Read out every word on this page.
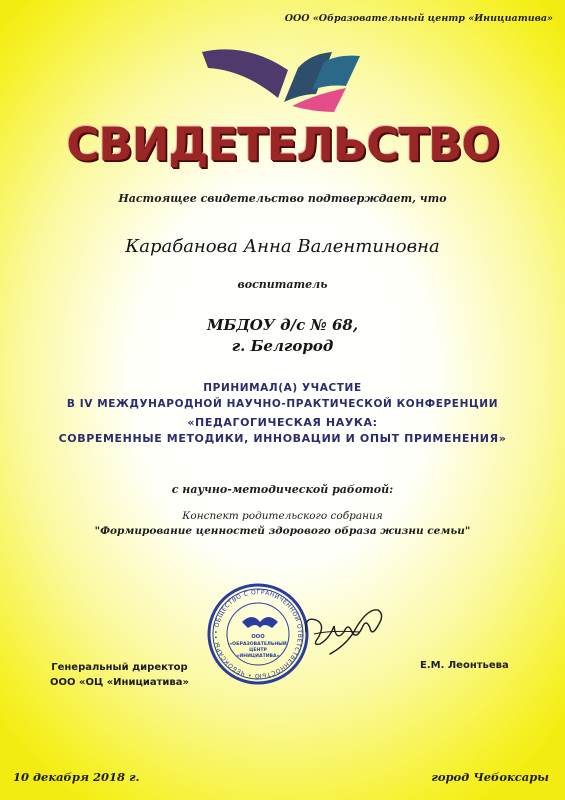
ООО «Образовательный центр «Инициатива»
СВИДЕТЕЛЬСТВО
Настоящее свидетельство подтверждает, что
Карабанова Анна Валентиновна
воспитатель
МБДОУ д/с № 68,
г. Белгород
ПРИНИМАЛ(А) УЧАСТИЕ
В IV МЕЖДУНАРОДНОЙ НАУЧНО-ПРАКТИЧЕСКОЙ КОНФЕРЕНЦИИ
«ПЕДАГОГИЧЕСКАЯ НАУКА:
СОВРЕМЕННЫЕ МЕТОДИКИ, ИННОВАЦИИ И ОПЫТ ПРИМЕНЕНИЯ»
с научно-методической работой:
Конспект родительского собрания
"Формирование ценностей здорового образа жизни семьи"
• ОБЩЕСТВО С ОГРАНИЧЕННОЙ ОТВЕТСТВЕННОСТЬЮ • ЧЕБОКСАРЫ •	ООО
«ОБРАЗОВАТЕЛЬНЫЙ
ЦЕНТР
«ИНИЦИАТИВА»
Генеральный директор
ООО «ОЦ «Инициатива»
Е.М. Леонтьева
10 декабря 2018 г.	город Чебоксары
